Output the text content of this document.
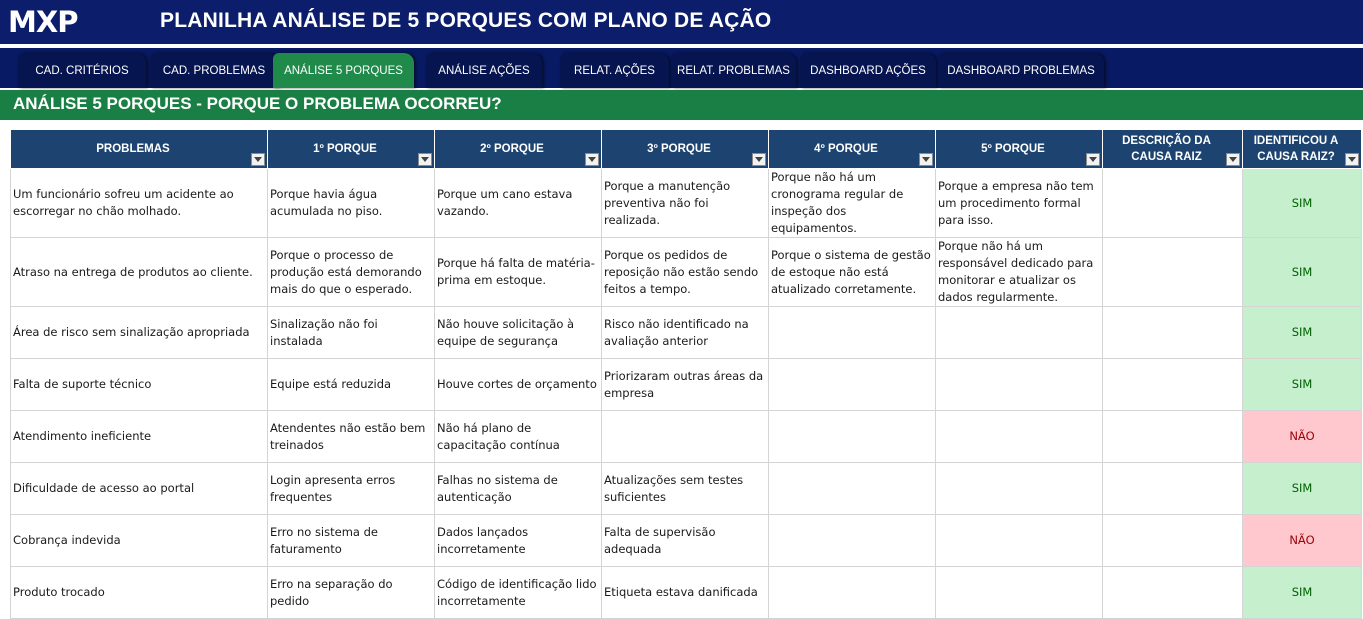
MXP	PLANILHA ANÁLISE DE 5 PORQUES COM PLANO DE AÇÃO
CAD. CRITÉRIOS	CAD. PROBLEMAS	ANÁLISE 5 PORQUES	ANÁLISE AÇÕES	RELAT. AÇÕES	RELAT. PROBLEMAS	DASHBOARD AÇÕES	DASHBOARD PROBLEMAS
ANÁLISE 5 PORQUES - PORQUE O PROBLEMA OCORREU?
PROBLEMAS	1º PORQUE	2º PORQUE	3º PORQUE	4º PORQUE	5º PORQUE	DESCRIÇÃO DA CAUSA RAIZ	IDENTIFICOU A CAUSA RAIZ?

Um funcionário sofreu um acidente ao escorregar no chão molhado.	Porque havia água acumulada no piso.	Porque um cano estava vazando.	Porque a manutenção preventiva não foi realizada.	Porque não há um cronograma regular de inspeção dos equipamentos.	Porque a empresa não tem um procedimento formal para isso.		SIM
Atraso na entrega de produtos ao cliente.	Porque o processo de produção está demorando mais do que o esperado.	Porque há falta de matéria-prima em estoque.	Porque os pedidos de reposição não estão sendo feitos a tempo.	Porque o sistema de gestão de estoque não está atualizado corretamente.	Porque não há um responsável dedicado para monitorar e atualizar os dados regularmente.		SIM
Área de risco sem sinalização apropriada	Sinalização não foi instalada	Não houve solicitação à equipe de segurança	Risco não identificado na avaliação anterior				SIM
Falta de suporte técnico	Equipe está reduzida	Houve cortes de orçamento	Priorizaram outras áreas da empresa				SIM
Atendimento ineficiente	Atendentes não estão bem treinados	Não há plano de capacitação contínua					NÃO
Dificuldade de acesso ao portal	Login apresenta erros frequentes	Falhas no sistema de autenticação	Atualizações sem testes suficientes				SIM
Cobrança indevida	Erro no sistema de faturamento	Dados lançados incorretamente	Falta de supervisão adequada				NÃO
Produto trocado	Erro na separação do pedido	Código de identificação lido incorretamente	Etiqueta estava danificada				SIM
